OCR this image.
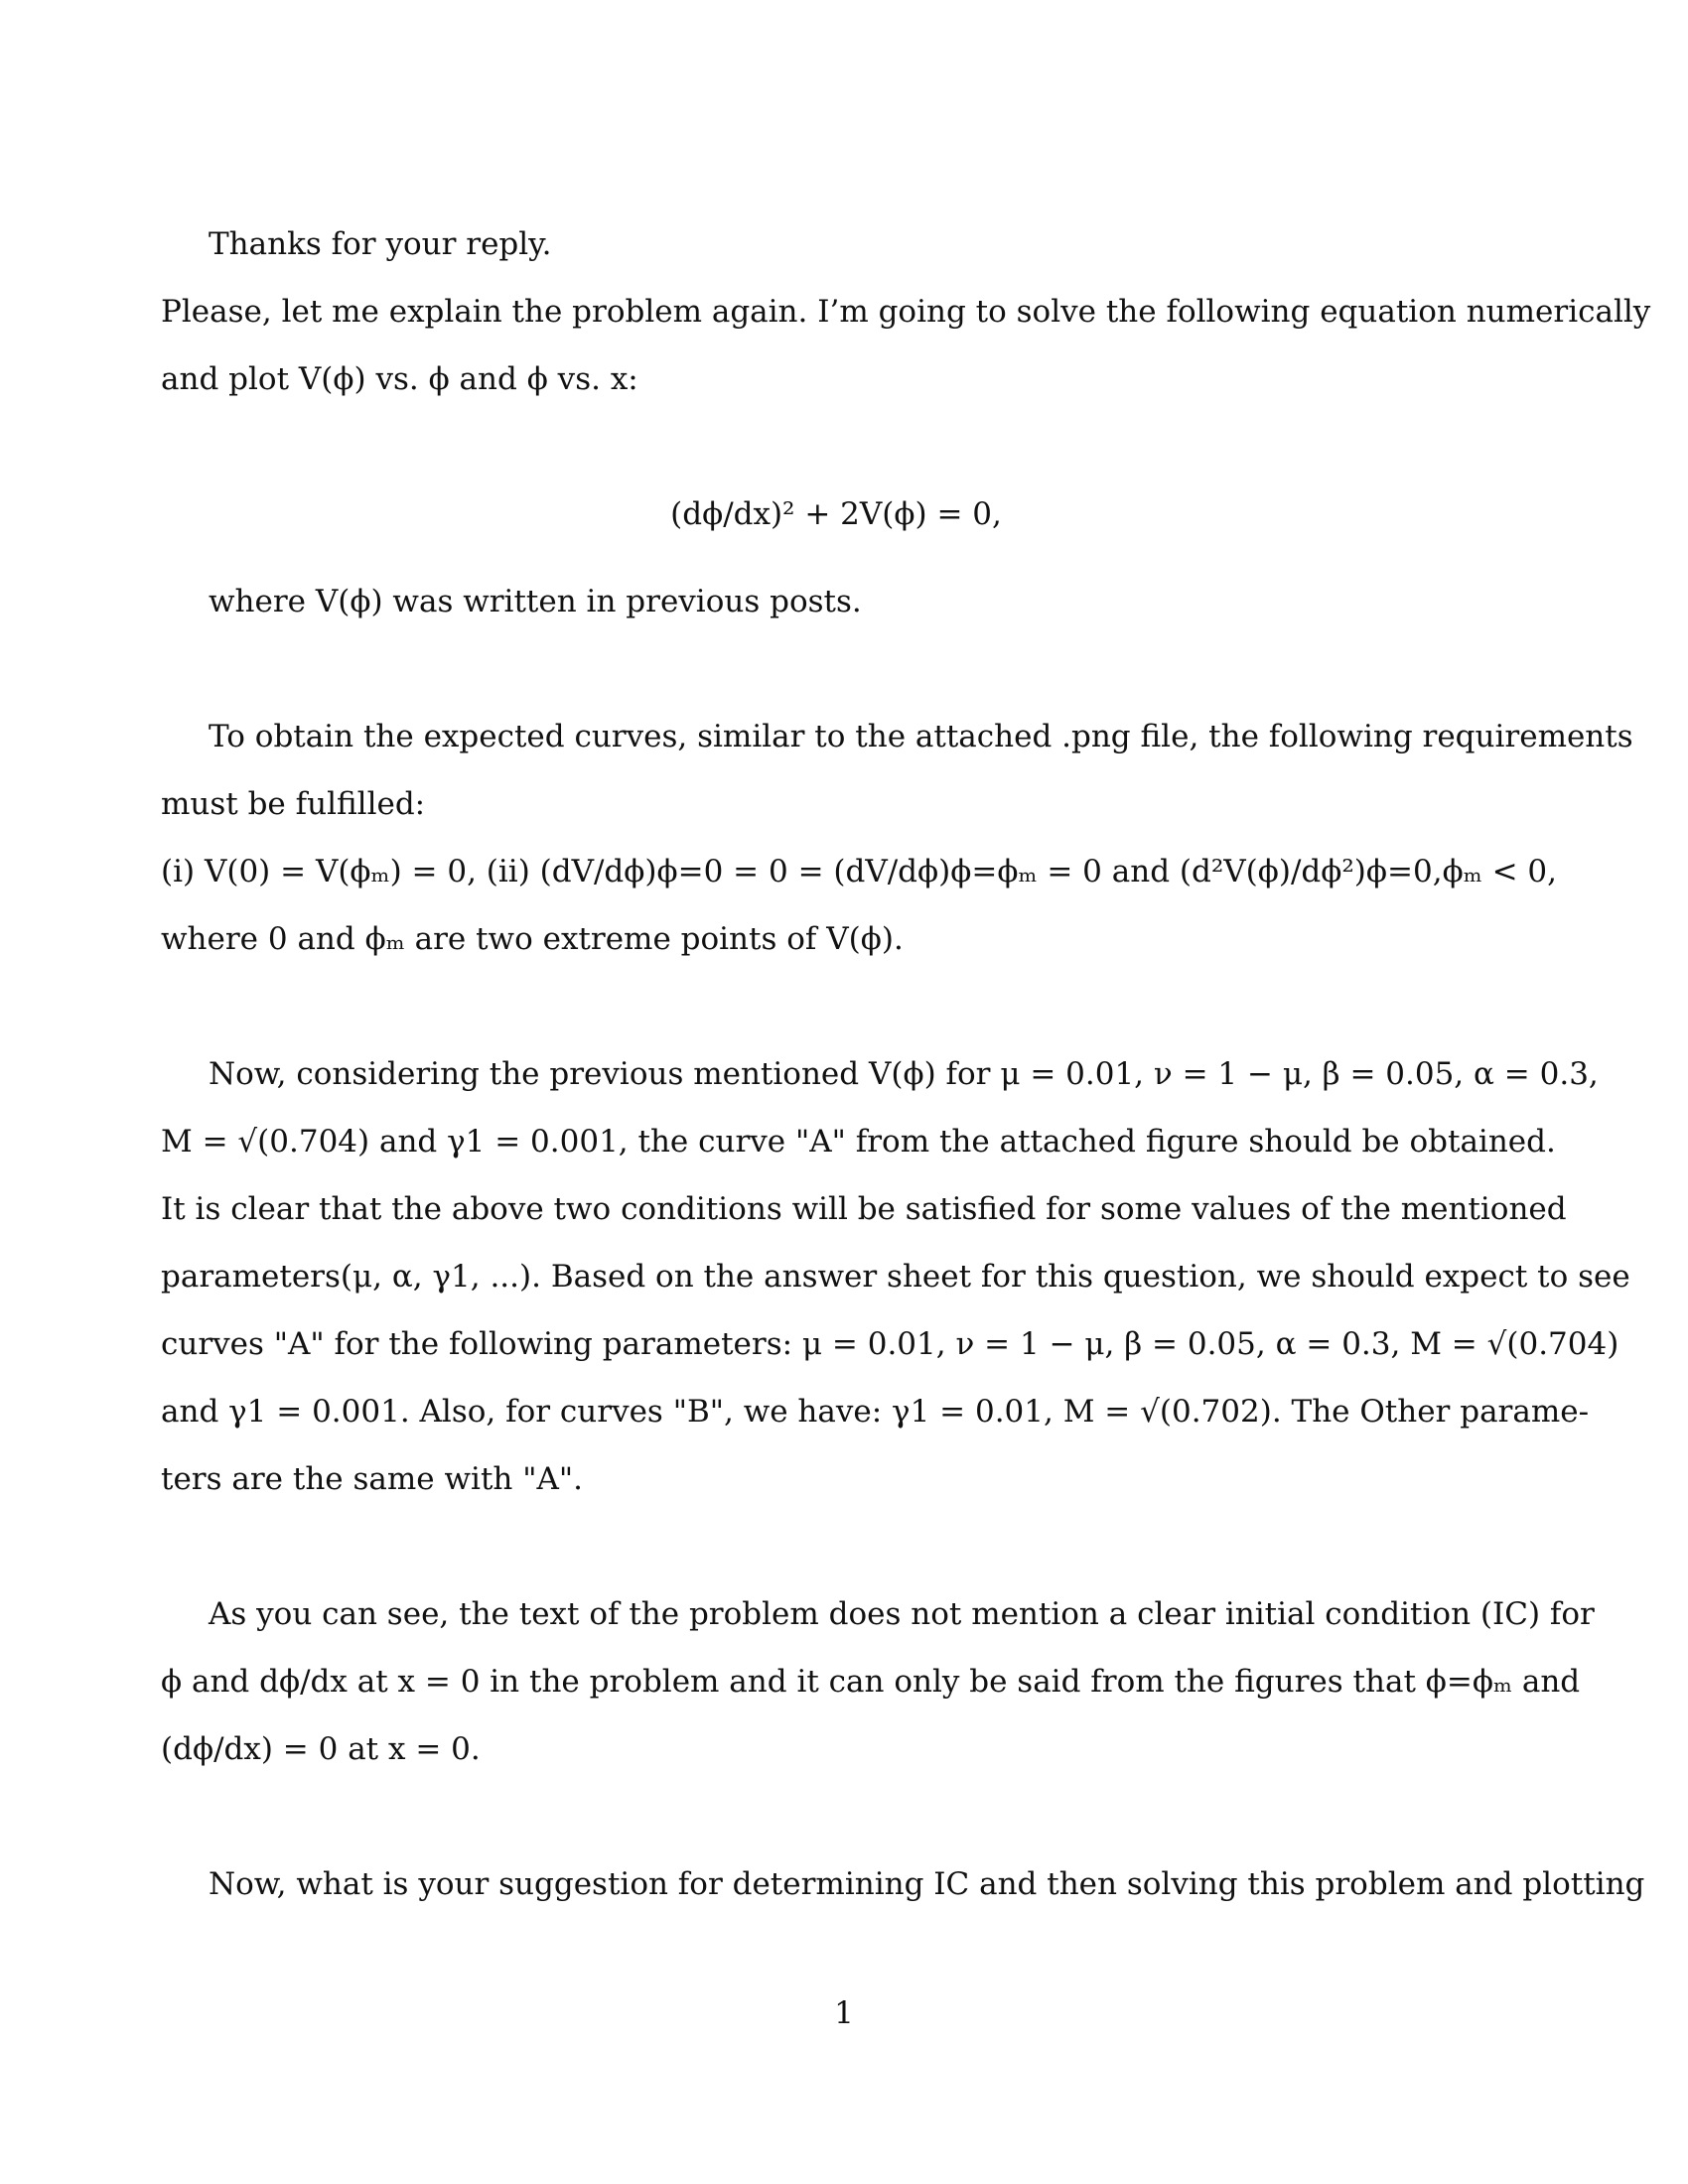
Thanks for your reply.
Please, let me explain the problem again. I’m going to solve the following equation numerically
and plot V(ϕ) vs. ϕ and ϕ vs. x:
(dϕ/dx)² + 2V(ϕ) = 0,
where V(ϕ) was written in previous posts.
To obtain the expected curves, similar to the attached .png file, the following requirements
must be fulfilled:
(i) V(0) = V(ϕₘ) = 0, (ii) (dV/dϕ)ϕ=0 = 0 = (dV/dϕ)ϕ=ϕₘ = 0 and (d²V(ϕ)/dϕ²)ϕ=0,ϕₘ < 0,
where 0 and ϕₘ are two extreme points of V(ϕ).
Now, considering the previous mentioned V(ϕ) for μ = 0.01, ν = 1 − μ, β = 0.05, α = 0.3,
M = √(0.704) and γ1 = 0.001, the curve "A" from the attached figure should be obtained.
It is clear that the above two conditions will be satisfied for some values of the mentioned
parameters(μ, α, γ1, ...). Based on the answer sheet for this question, we should expect to see
curves "A" for the following parameters: μ = 0.01, ν = 1 − μ, β = 0.05, α = 0.3, M = √(0.704)
and γ1 = 0.001. Also, for curves "B", we have: γ1 = 0.01, M = √(0.702). The Other parame-
ters are the same with "A".
As you can see, the text of the problem does not mention a clear initial condition (IC) for
ϕ and dϕ/dx at x = 0 in the problem and it can only be said from the figures that ϕ=ϕₘ and
(dϕ/dx) = 0 at x = 0.
Now, what is your suggestion for determining IC and then solving this problem and plotting
1
